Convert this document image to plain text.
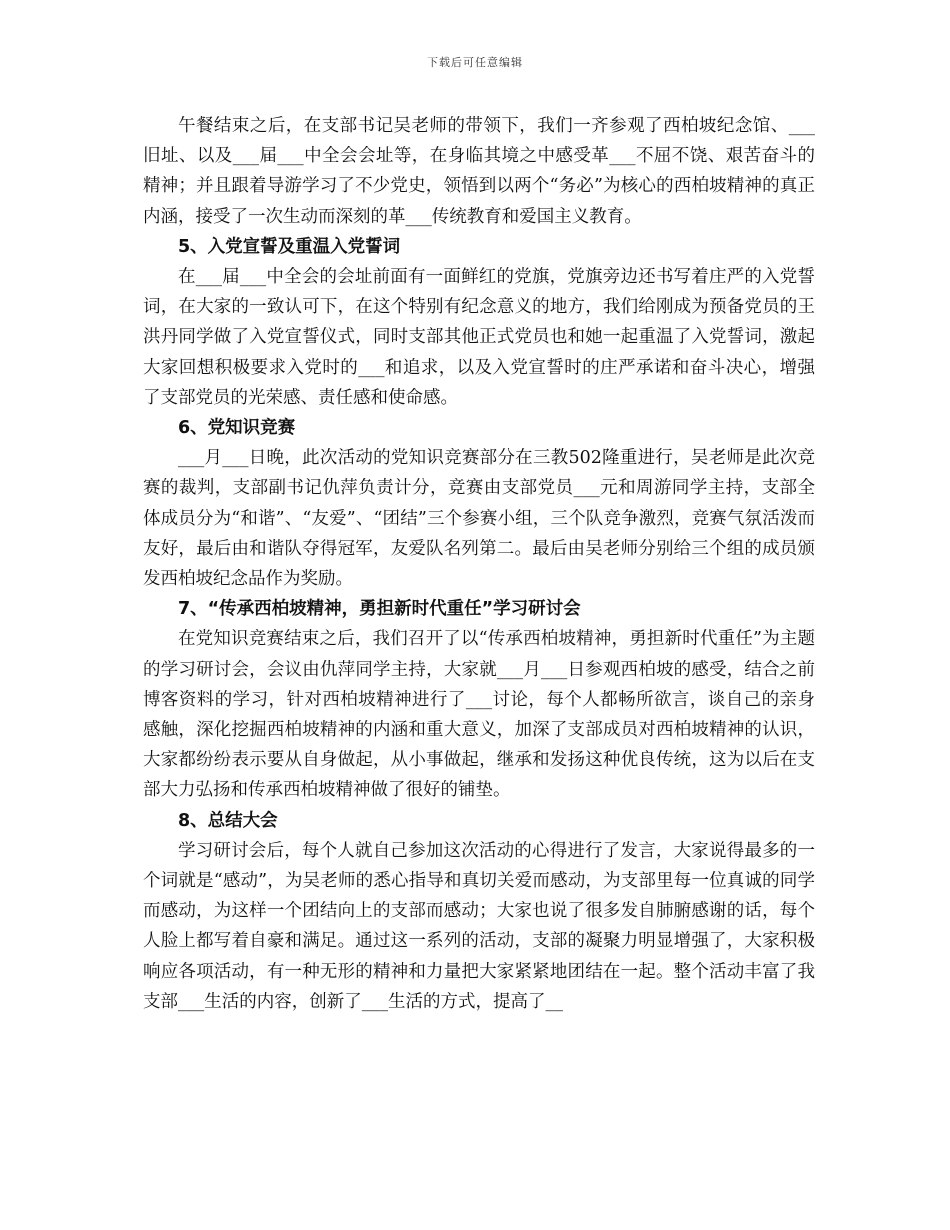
下载后可任意编辑

午餐结束之后，在支部书记吴老师的带领下，我们一齐参观了西柏坡纪念馆、___旧址、以及___届___中全会会址等，在身临其境之中感受革___不屈不饶、艰苦奋斗的精神；并且跟着导游学习了不少党史，领悟到以两个“务必”为核心的西柏坡精神的真正内涵，接受了一次生动而深刻的革___传统教育和爱国主义教育。

5、入党宣誓及重温入党誓词

在___届___中全会的会址前面有一面鲜红的党旗，党旗旁边还书写着庄严的入党誓词，在大家的一致认可下，在这个特别有纪念意义的地方，我们给刚成为预备党员的王洪丹同学做了入党宣誓仪式，同时支部其他正式党员也和她一起重温了入党誓词，激起大家回想积极要求入党时的___和追求，以及入党宣誓时的庄严承诺和奋斗决心，增强了支部党员的光荣感、责任感和使命感。

6、党知识竞赛

___月___日晚，此次活动的党知识竞赛部分在三教502隆重进行，吴老师是此次竞赛的裁判，支部副书记仇萍负责计分，竞赛由支部党员___元和周游同学主持，支部全体成员分为“和谐”、“友爱”、“团结”三个参赛小组，三个队竞争激烈，竞赛气氛活泼而友好，最后由和谐队夺得冠军，友爱队名列第二。最后由吴老师分别给三个组的成员颁发西柏坡纪念品作为奖励。

7、“传承西柏坡精神，勇担新时代重任”学习研讨会

在党知识竞赛结束之后，我们召开了以“传承西柏坡精神，勇担新时代重任”为主题的学习研讨会，会议由仇萍同学主持，大家就___月___日参观西柏坡的感受，结合之前博客资料的学习，针对西柏坡精神进行了___讨论，每个人都畅所欲言，谈自己的亲身感触，深化挖掘西柏坡精神的内涵和重大意义，加深了支部成员对西柏坡精神的认识，大家都纷纷表示要从自身做起，从小事做起，继承和发扬这种优良传统，这为以后在支部大力弘扬和传承西柏坡精神做了很好的铺垫。

8、总结大会

学习研讨会后，每个人就自己参加这次活动的心得进行了发言，大家说得最多的一个词就是“感动”，为吴老师的悉心指导和真切关爱而感动，为支部里每一位真诚的同学而感动，为这样一个团结向上的支部而感动；大家也说了很多发自肺腑感谢的话，每个人脸上都写着自豪和满足。通过这一系列的活动，支部的凝聚力明显增强了，大家积极响应各项活动，有一种无形的精神和力量把大家紧紧地团结在一起。整个活动丰富了我支部___生活的内容，创新了___生活的方式，提高了__
